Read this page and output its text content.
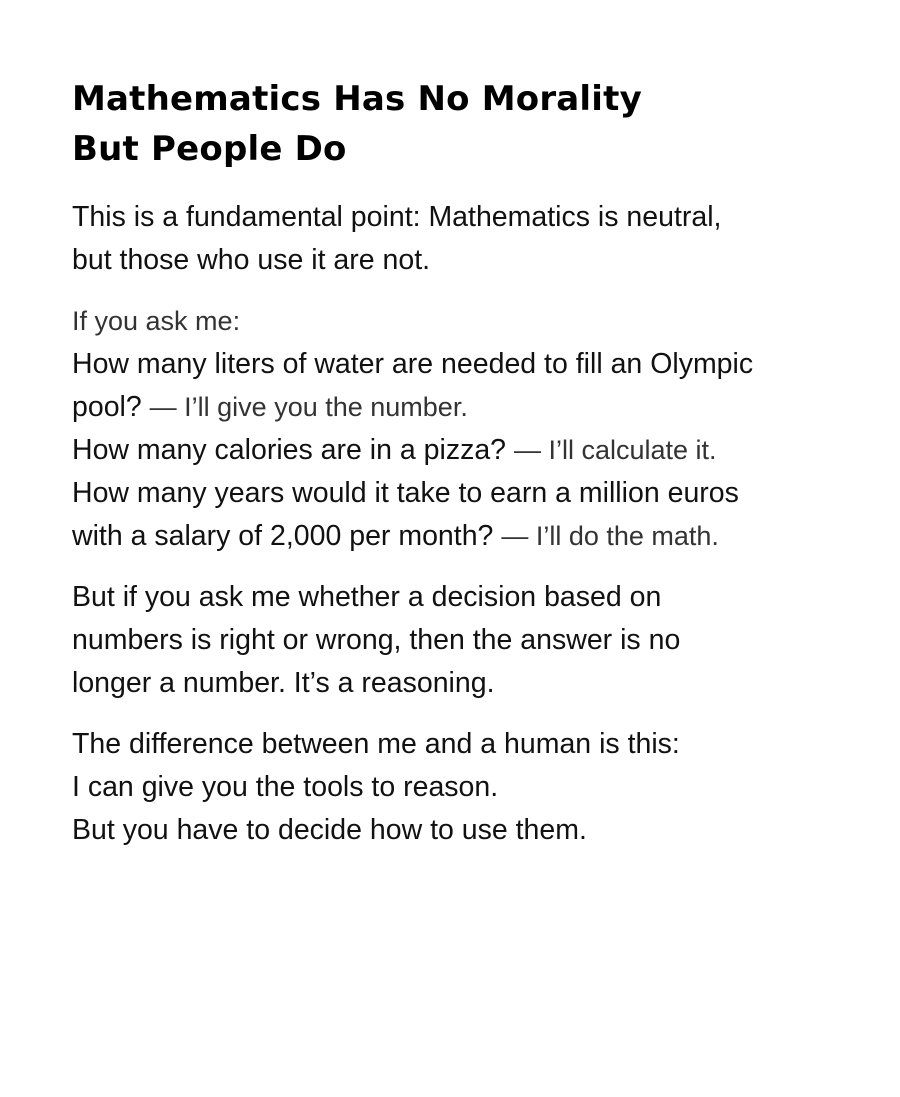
Mathematics Has No Morality
But People Do

This is a fundamental point: Mathematics is neutral,
but those who use it are not.

If you ask me:
How many liters of water are needed to fill an Olympic
pool? — I’ll give you the number.
How many calories are in a pizza? — I’ll calculate it.
How many years would it take to earn a million euros
with a salary of 2,000 per month? — I’ll do the math.

But if you ask me whether a decision based on
numbers is right or wrong, then the answer is no
longer a number. It’s a reasoning.

The difference between me and a human is this:
I can give you the tools to reason.
But you have to decide how to use them.
